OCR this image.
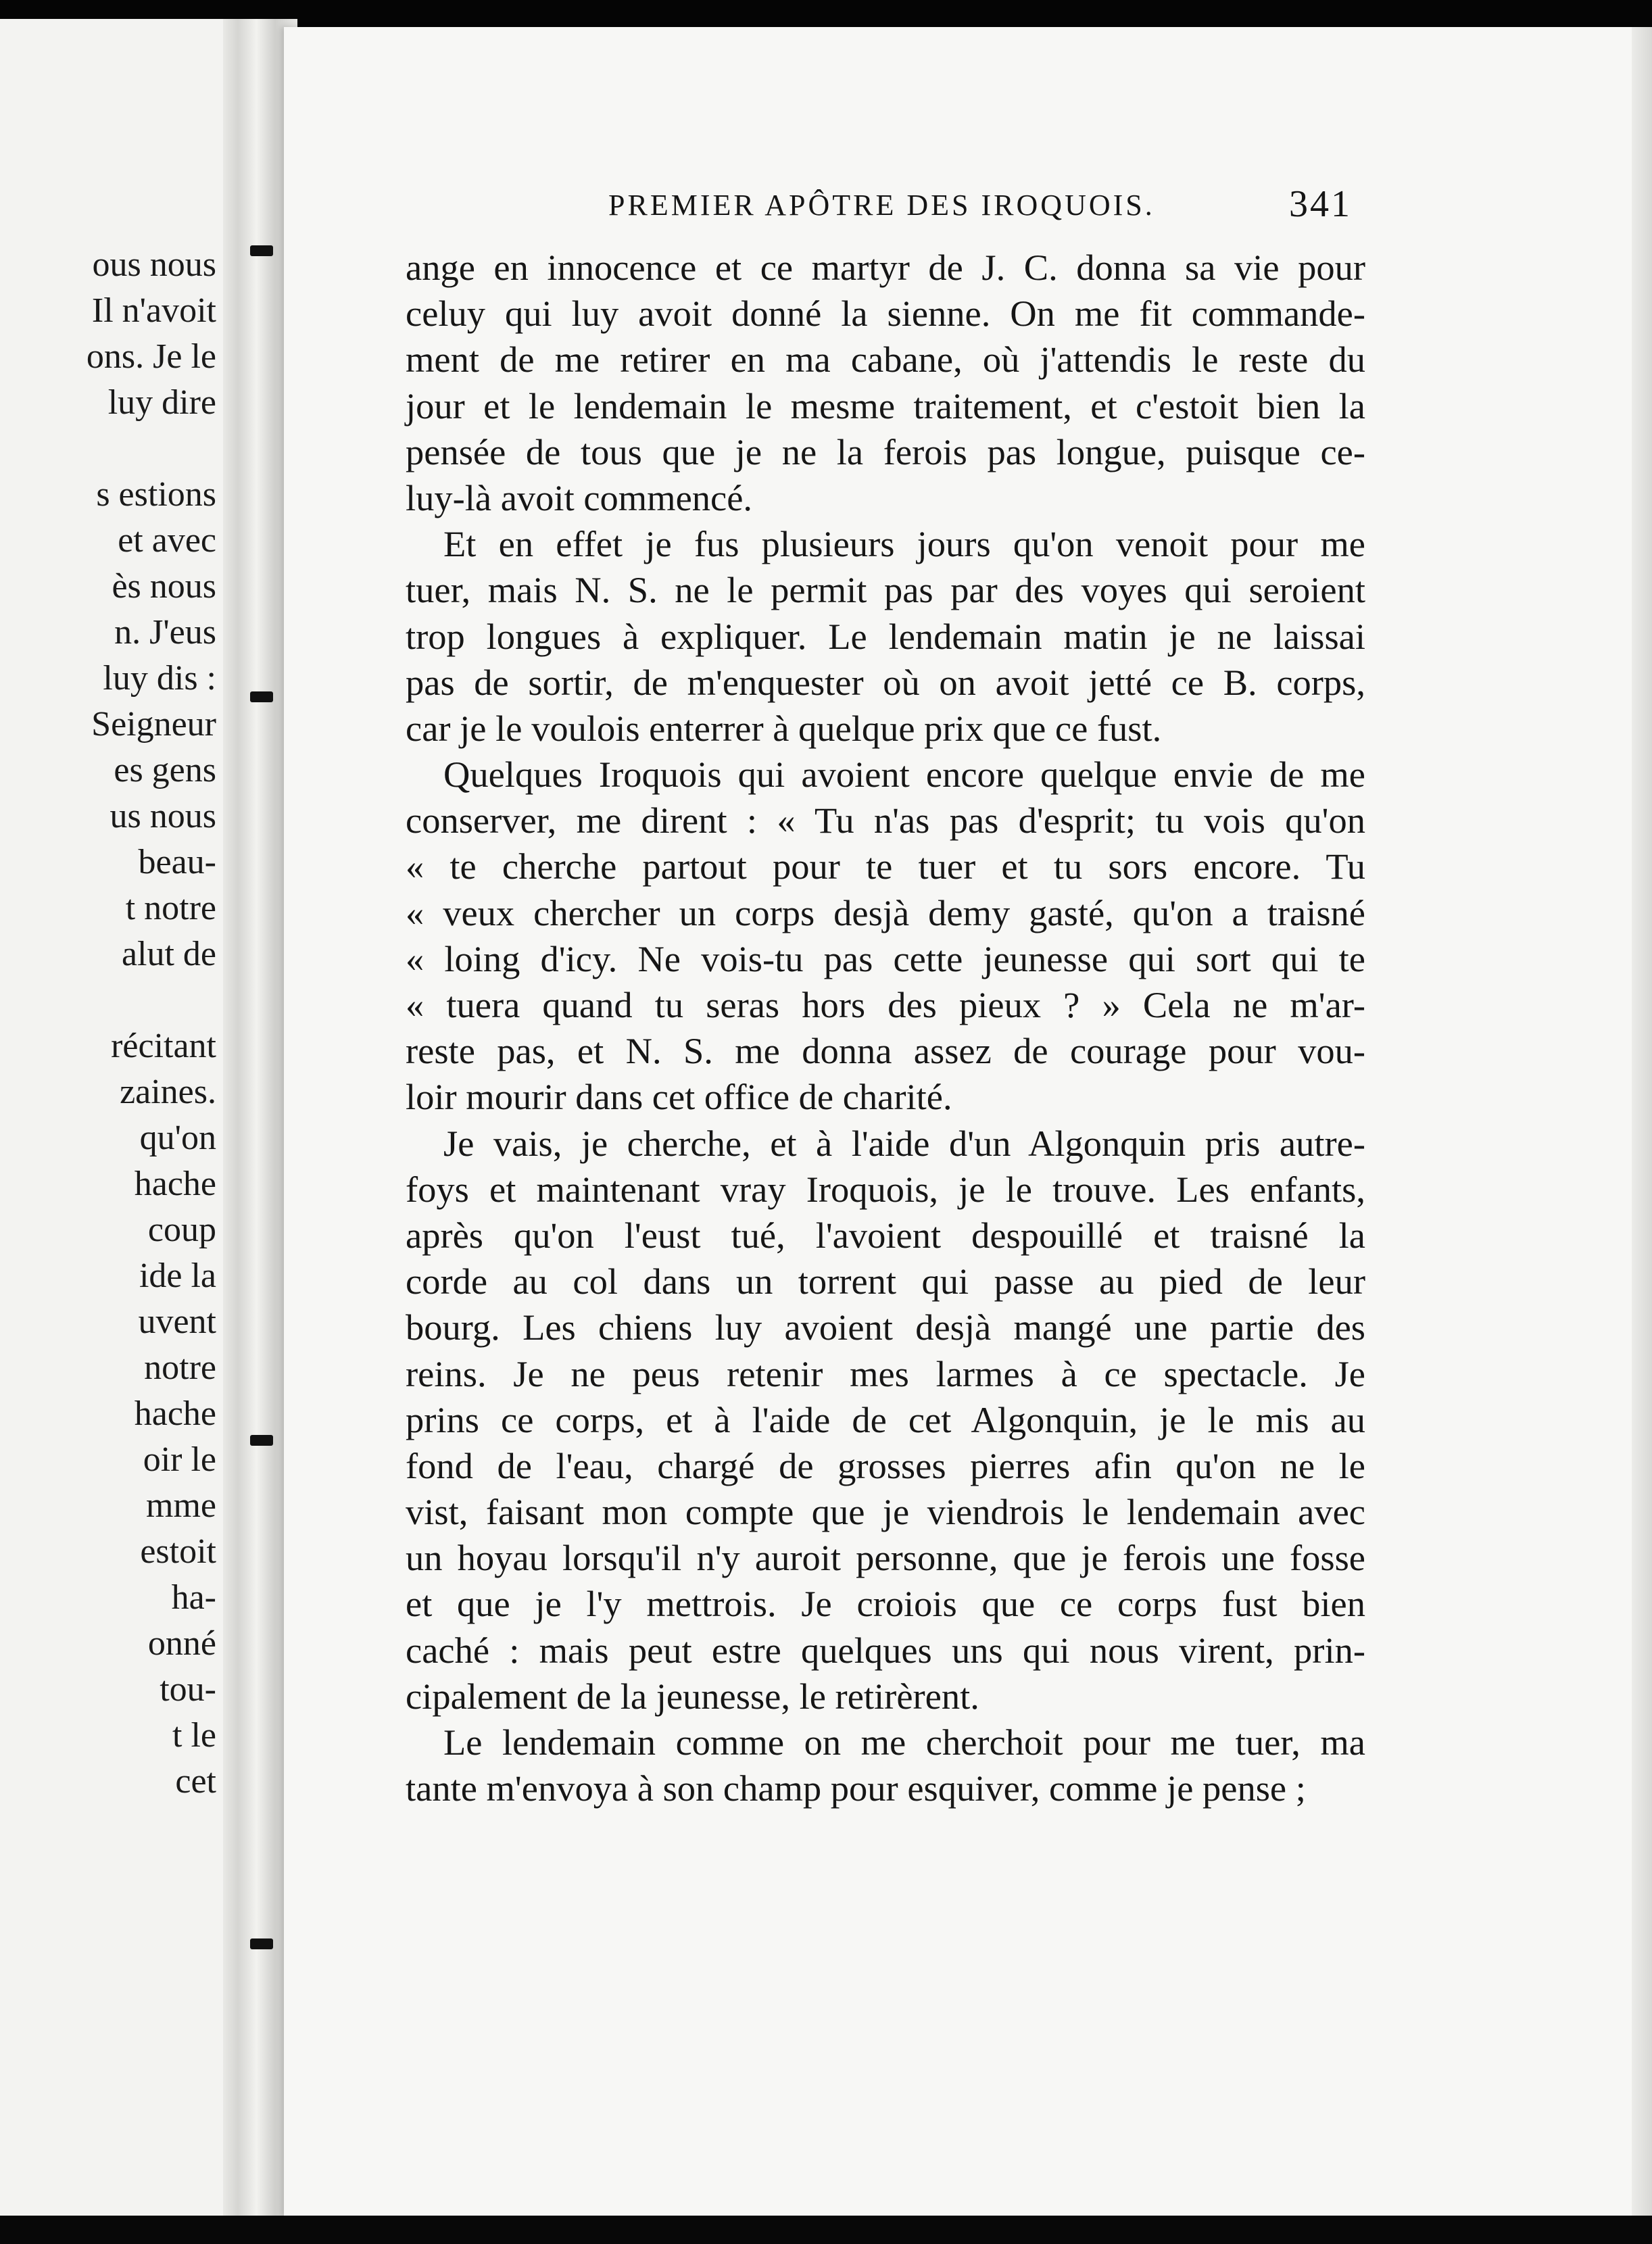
ous nous
Il n'avoit
ons. Je le
luy dire
s estions
et avec
ès nous
n. J'eus
luy dis :
Seigneur
es gens
us nous
beau-
t notre
alut de
récitant
zaines.
qu'on
hache
coup
ide la
uvent
notre
hache
oir le
mme
estoit
ha-
onné
tou-
t le
cet
PREMIER APÔTRE DES IROQUOIS.	341
ange en innocence et ce martyr de J. C. donna sa vie pour
celuy qui luy avoit donné la sienne. On me fit commande-
ment de me retirer en ma cabane, où j'attendis le reste du
jour et le lendemain le mesme traitement, et c'estoit bien la
pensée de tous que je ne la ferois pas longue, puisque ce-
luy-là avoit commencé.
Et en effet je fus plusieurs jours qu'on venoit pour me
tuer, mais N. S. ne le permit pas par des voyes qui seroient
trop longues à expliquer. Le lendemain matin je ne laissai
pas de sortir, de m'enquester où on avoit jetté ce B. corps,
car je le voulois enterrer à quelque prix que ce fust.
Quelques Iroquois qui avoient encore quelque envie de me
conserver, me dirent : « Tu n'as pas d'esprit; tu vois qu'on
« te cherche partout pour te tuer et tu sors encore. Tu
« veux chercher un corps desjà demy gasté, qu'on a traisné
« loing d'icy. Ne vois-tu pas cette jeunesse qui sort qui te
« tuera quand tu seras hors des pieux ? » Cela ne m'ar-
reste pas, et N. S. me donna assez de courage pour vou-
loir mourir dans cet office de charité.
Je vais, je cherche, et à l'aide d'un Algonquin pris autre-
foys et maintenant vray Iroquois, je le trouve. Les enfants,
après qu'on l'eust tué, l'avoient despouillé et traisné la
corde au col dans un torrent qui passe au pied de leur
bourg. Les chiens luy avoient desjà mangé une partie des
reins. Je ne peus retenir mes larmes à ce spectacle. Je
prins ce corps, et à l'aide de cet Algonquin, je le mis au
fond de l'eau, chargé de grosses pierres afin qu'on ne le
vist, faisant mon compte que je viendrois le lendemain avec
un hoyau lorsqu'il n'y auroit personne, que je ferois une fosse
et que je l'y mettrois. Je croiois que ce corps fust bien
caché : mais peut estre quelques uns qui nous virent, prin-
cipalement de la jeunesse, le retirèrent.
Le lendemain comme on me cherchoit pour me tuer, ma
tante m'envoya à son champ pour esquiver, comme je pense ;
